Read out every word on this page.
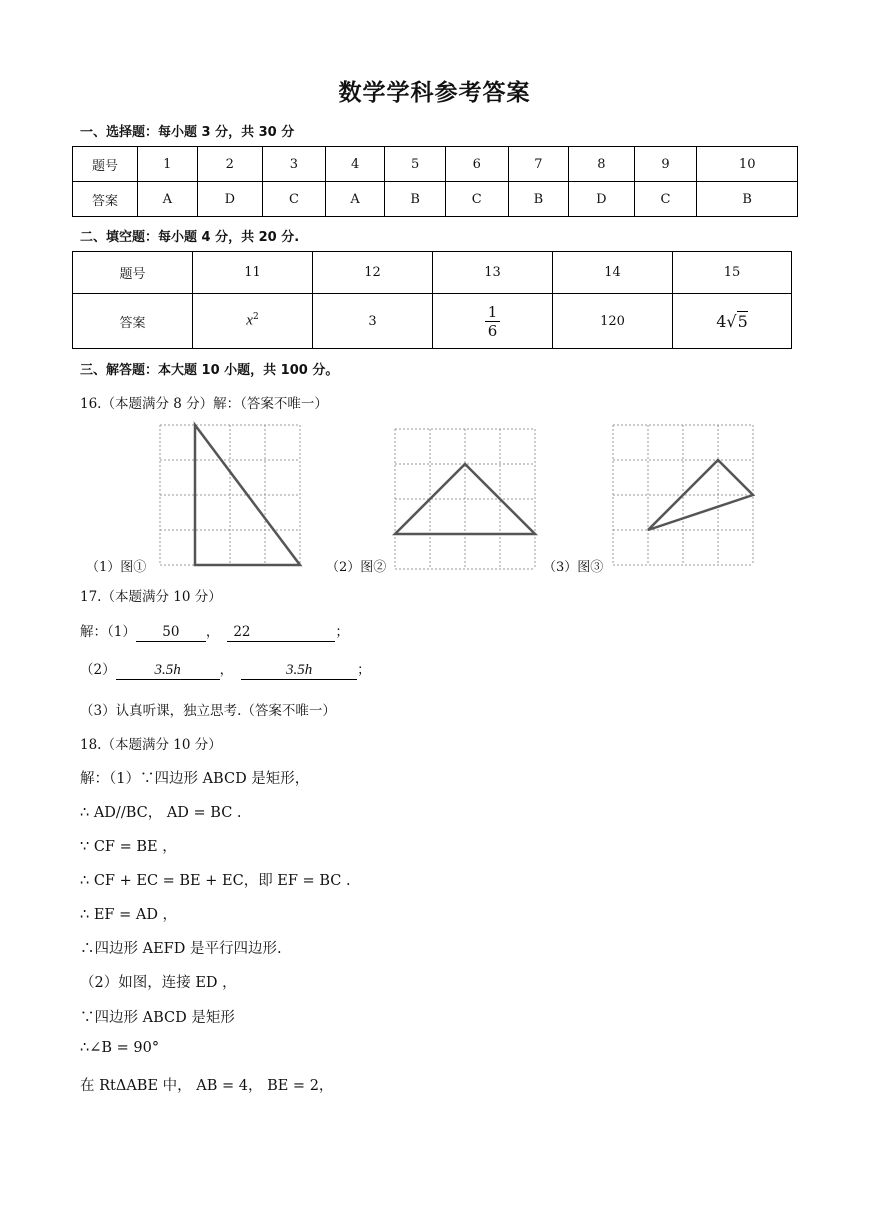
数学学科参考答案
一、选择题：每小题 3 分，共 30 分
题号	1	2	3	4	5	6	7	8	9	10
答案	A	D	C	A	B	C	B	D	C	B
二、填空题：每小题 4 分，共 20 分.
题号	11	12	13	14	15
答案	$x^2$	3	$\frac{1}{6}$	120	4√5
三、解答题：本大题 10 小题，共 100 分。
16.（本题满分 8 分）解：（答案不唯一）
（1）图①	（2）图②	（3）图③
17.（本题满分 10 分）
解：（1） 50 ， 22	；
（2）	3.5h	，	3.5h	；
（3）认真听课，独立思考.（答案不唯一）
18.（本题满分 10 分）
解：（1）∵四边形 ABCD 是矩形，
∴ AD//BC， AD = BC .
∵ CF = BE ，
∴ CF + EC = BE + EC，即 EF = BC .
∴ EF = AD ，
∴四边形 AEFD 是平行四边形.
（2）如图，连接 ED ，
∵四边形 ABCD 是矩形
∴∠B = 90°
在 RtΔABE 中， AB = 4， BE = 2，
